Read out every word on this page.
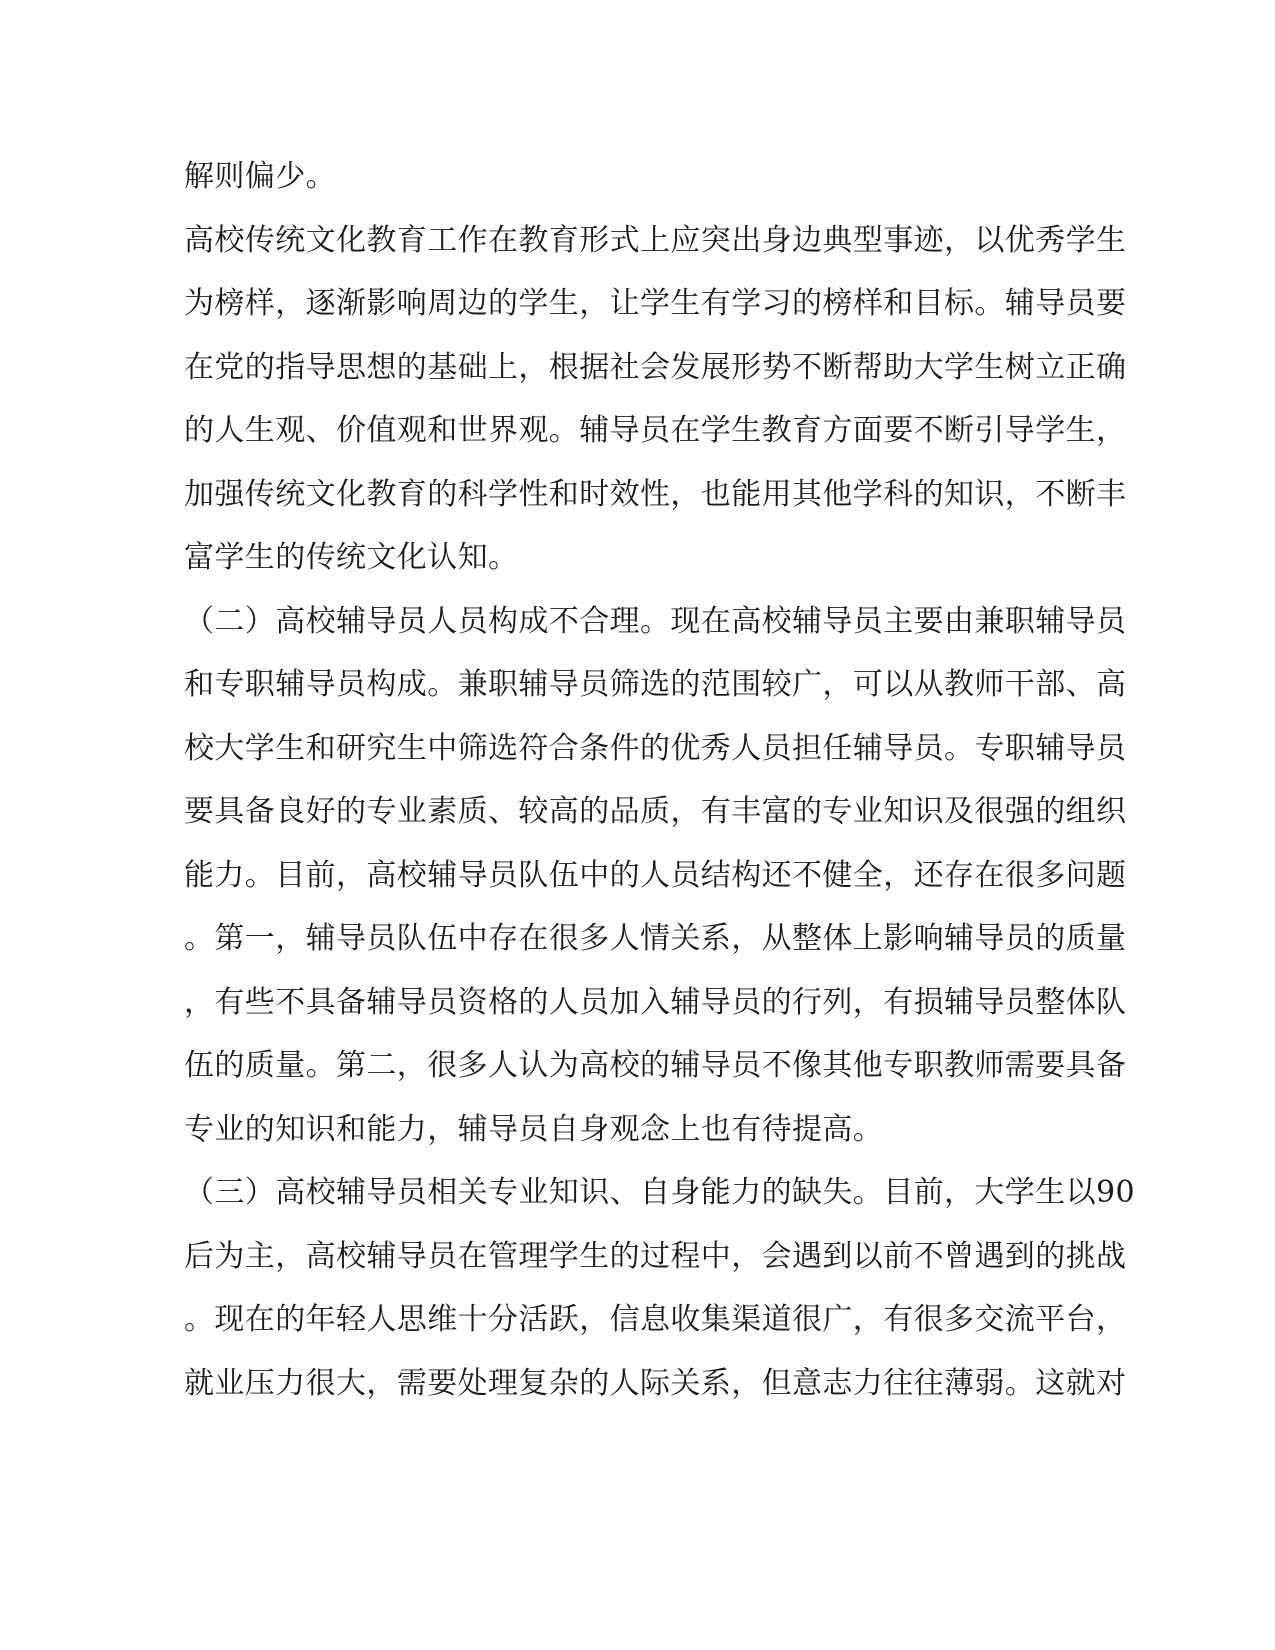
解则偏少。
高校传统文化教育工作在教育形式上应突出身边典型事迹，以优秀学生
为榜样，逐渐影响周边的学生，让学生有学习的榜样和目标。辅导员要
在党的指导思想的基础上，根据社会发展形势不断帮助大学生树立正确
的人生观、价值观和世界观。辅导员在学生教育方面要不断引导学生，
加强传统文化教育的科学性和时效性，也能用其他学科的知识，不断丰
富学生的传统文化认知。
（二）高校辅导员人员构成不合理。现在高校辅导员主要由兼职辅导员
和专职辅导员构成。兼职辅导员筛选的范围较广，可以从教师干部、高
校大学生和研究生中筛选符合条件的优秀人员担任辅导员。专职辅导员
要具备良好的专业素质、较高的品质，有丰富的专业知识及很强的组织
能力。目前，高校辅导员队伍中的人员结构还不健全，还存在很多问题
。第一，辅导员队伍中存在很多人情关系，从整体上影响辅导员的质量
，有些不具备辅导员资格的人员加入辅导员的行列，有损辅导员整体队
伍的质量。第二，很多人认为高校的辅导员不像其他专职教师需要具备
专业的知识和能力，辅导员自身观念上也有待提高。
（三）高校辅导员相关专业知识、自身能力的缺失。目前，大学生以90
后为主，高校辅导员在管理学生的过程中，会遇到以前不曾遇到的挑战
。现在的年轻人思维十分活跃，信息收集渠道很广，有很多交流平台，
就业压力很大，需要处理复杂的人际关系，但意志力往往薄弱。这就对
